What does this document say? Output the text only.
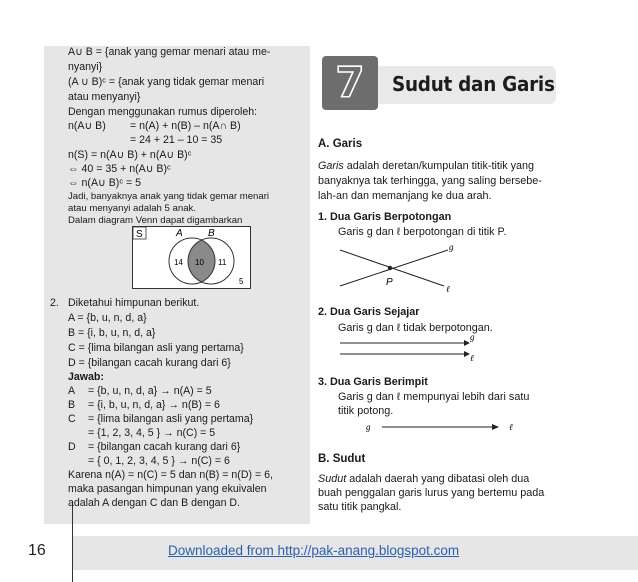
16	Downloaded from http://pak-anang.blogspot.com
A∪ B = {anak yang gemar menari atau me-
nyanyi}
(A ∪ B)ᶜ = {anak yang tidak gemar menari
atau menyanyi}
Dengan menggunakan rumus diperoleh:
n(A∪ B) = n(A) + n(B) – n(A∩ B)
= 24 + 21 – 10 = 35
n(S) = n(A∪ B) + n(A∪ B)ᶜ
⇔ 40 = 35 + n(A∪ B)ᶜ
⇔ n(A∪ B)ᶜ = 5
Jadi, banyaknya anak yang tidak gemar menari
atau menyanyi adalah 5 anak.
Dalam diagram Venn dapat digambarkan
S	A	B
14 10 11
5
2. Diketahui himpunan berikut.
A = {b, u, n, d, a}
B = {i, b, u, n, d, a}
C = {lima bilangan asli yang pertama}
D = {bilangan cacah kurang dari 6}
Jawab:
A = {b, u, n, d, a} → n(A) = 5
B = {i, b, u, n, d, a} → n(B) = 6
C = {lima bilangan asli yang pertama}
= {1, 2, 3, 4, 5 } → n(C) = 5
D = {bilangan cacah kurang dari 6}
= { 0, 1, 2, 3, 4, 5 } → n(C) = 6
Karena n(A) = n(C) = 5 dan n(B) = n(D) = 6,
maka pasangan himpunan yang ekuivalen
adalah A dengan C dan B dengan D.
7	Sudut dan Garis
A. Garis
Garis adalah deretan/kumpulan titik-titik yang
banyaknya tak terhingga, yang saling bersebe-
lah-an dan memanjang ke dua arah.
1. Dua Garis Berpotongan
Garis g dan ℓ berpotongan di titik P.
g
ℓ
P
2. Dua Garis Sejajar
Garis g dan ℓ tidak berpotongan.
g
ℓ
3. Dua Garis Berimpit
Garis g dan ℓ mempunyai lebih dari satu
titik potong.
g	ℓ
B. Sudut
Sudut adalah daerah yang dibatasi oleh dua
buah penggalan garis lurus yang bertemu pada
satu titik pangkal.
